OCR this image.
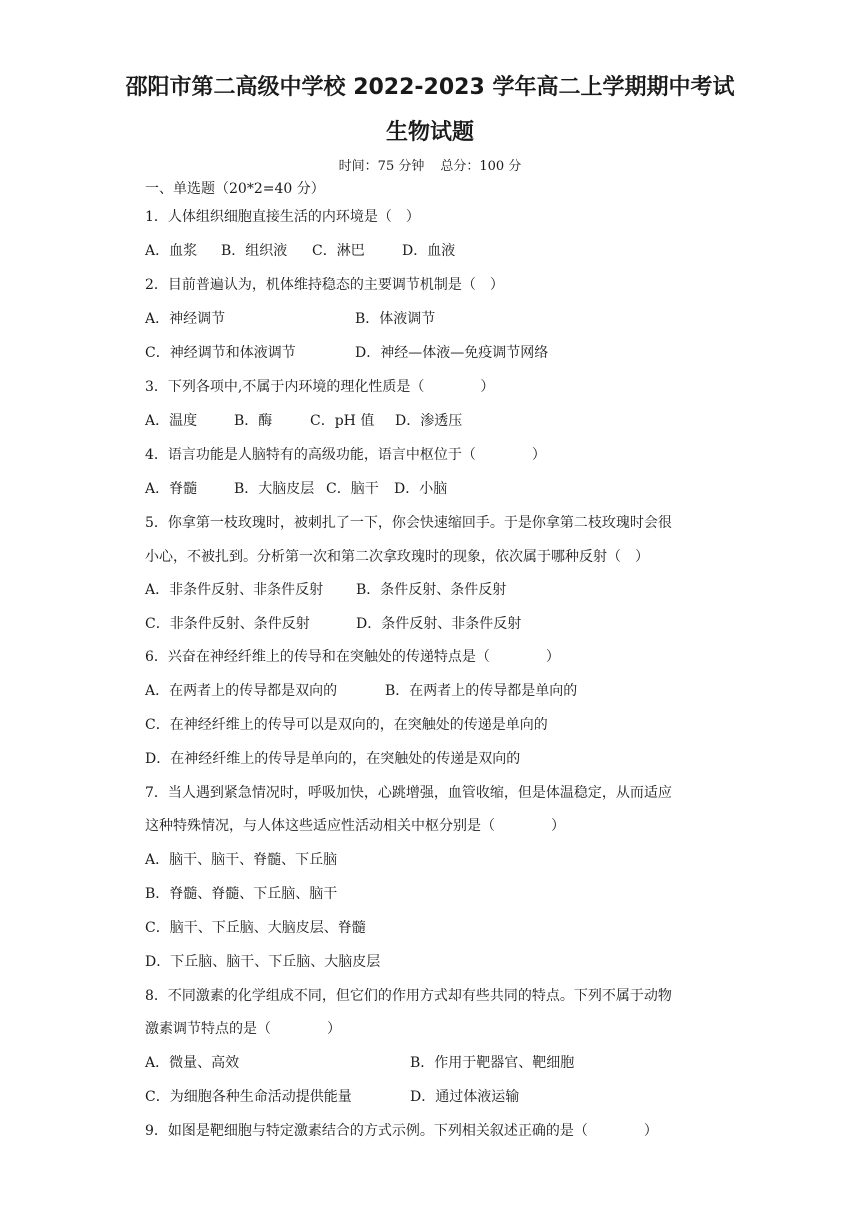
邵阳市第二高级中学校 2022-2023 学年高二上学期期中考试
生物试题
时间：75 分钟 总分：100 分
一、单选题（20*2=40 分）
1．人体组织细胞直接生活的内环境是（　）
A．血浆 B．组织液 C．淋巴	D．血液
2．目前普遍认为，机体维持稳态的主要调节机制是（　）
A．神经调节	B．体液调节
C．神经调节和体液调节	D．神经—体液—免疫调节网络
3．下列各项中,不属于内环境的理化性质是（　　　　）
A．温度	B．酶	C．pH 值 D．渗透压
4．语言功能是人脑特有的高级功能，语言中枢位于（　　　　）
A．脊髓	B．大脑皮层 C．脑干 D．小脑
5．你拿第一枝玫瑰时，被刺扎了一下，你会快速缩回手。于是你拿第二枝玫瑰时会很
小心，不被扎到。分析第一次和第二次拿玫瑰时的现象，依次属于哪种反射（　）
A．非条件反射、非条件反射 B．条件反射、条件反射
C．非条件反射、条件反射	D．条件反射、非条件反射
6．兴奋在神经纤维上的传导和在突触处的传递特点是（　　　　）
A．在两者上的传导都是双向的	B．在两者上的传导都是单向的
C．在神经纤维上的传导可以是双向的，在突触处的传递是单向的
D．在神经纤维上的传导是单向的，在突触处的传递是双向的
7．当人遇到紧急情况时，呼吸加快，心跳增强，血管收缩，但是体温稳定，从而适应
这种特殊情况，与人体这些适应性活动相关中枢分别是（　　　　）
A．脑干、脑干、脊髓、下丘脑
B．脊髓、脊髓、下丘脑、脑干
C．脑干、下丘脑、大脑皮层、脊髓
D．下丘脑、脑干、下丘脑、大脑皮层
8．不同激素的化学组成不同，但它们的作用方式却有些共同的特点。下列不属于动物
激素调节特点的是（　　　　）
A．微量、高效	B．作用于靶器官、靶细胞
C．为细胞各种生命活动提供能量	D．通过体液运输
9．如图是靶细胞与特定激素结合的方式示例。下列相关叙述正确的是（　　　　）
